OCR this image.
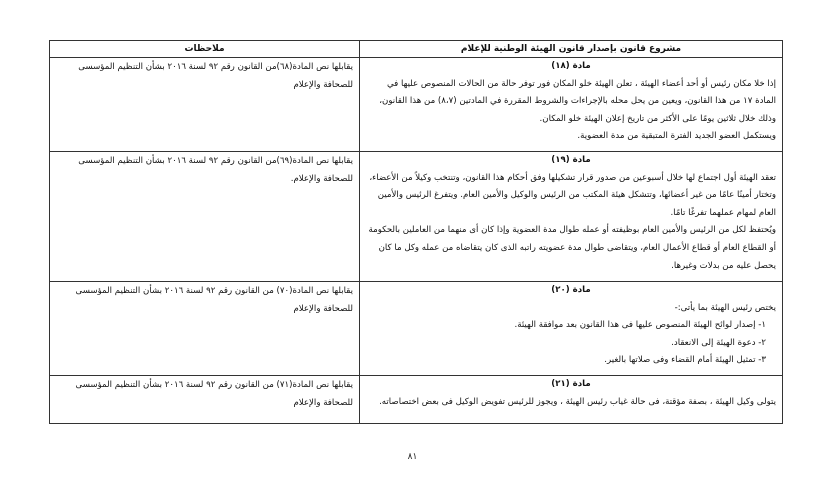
مشروع قانون بإصدار قانون الهيئة الوطنية للإعلام	ملاحظات

مادة (١٨)
إذا خلا مكان رئيس أو أحد أعضاء الهيئة ، تعلن الهيئة خلو المكان فور توفر حالة من الحالات المنصوص عليها في المادة ١٧ من هذا القانون، ويعين من يحل محله بالإجراءات والشروط المقررة في المادتين (٨،٧) من هذا القانون، وذلك خلال ثلاثين يومًا على الأكثر من تاريخ إعلان الهيئة خلو المكان.
ويستكمل العضو الجديد الفترة المتبقية من مدة العضوية.	يقابلها نص المادة(٦٨)من القانون رقم ٩٢ لسنة ٢٠١٦ بشأن التنظيم المؤسسى للصحافة والإعلام

مادة (١٩)
تعقد الهيئة أول اجتماع لها خلال أسبوعين من صدور قرار تشكيلها وفق أحكام هذا القانون، وتنتخب وكيلاً من الأعضاء، وتختار أمينًا عامًا من غير أعضائها، وتتشكل هيئة المكتب من الرئيس والوكيل والأمين العام. ويتفرغ الرئيس والأمين العام لمهام عملهما تفرغًا تامًا.
ويُحتفظ لكل من الرئيس والأمين العام بوظيفته أو عمله طوال مدة العضوية وإذا كان أى منهما من العاملين بالحكومة أو القطاع العام أو قطاع الأعمال العام، ويتقاضى طوال مدة عضويته راتبه الذى كان يتقاضاه من عمله وكل ما كان يحصل عليه من بدلات وغيرها.	يقابلها نص المادة(٦٩)من القانون رقم ٩٢ لسنة ٢٠١٦ بشأن التنظيم المؤسسى للصحافة والإعلام.

مادة (٢٠)
يختص رئيس الهيئة بما يأتى:-
١- إصدار لوائح الهيئة المنصوص عليها فى هذا القانون بعد موافقة الهيئة.
٢- دعوة الهيئة إلى الانعقاد.
٣- تمثيل الهيئة أمام القضاء وفى صلاتها بالغير.	يقابلها نص المادة(٧٠) من القانون رقم ٩٢ لسنة ٢٠١٦ بشأن التنظيم المؤسسى للصحافة والإعلام

مادة (٢١)
يتولى وكيل الهيئة ، بصفة مؤقتة، فى حالة غياب رئيس الهيئة ، ويجوز للرئيس تفويض الوكيل فى بعض اختصاصاته.	يقابلها نص المادة(٧١) من القانون رقم ٩٢ لسنة ٢٠١٦ بشأن التنظيم المؤسسى للصحافة والإعلام
٨١
